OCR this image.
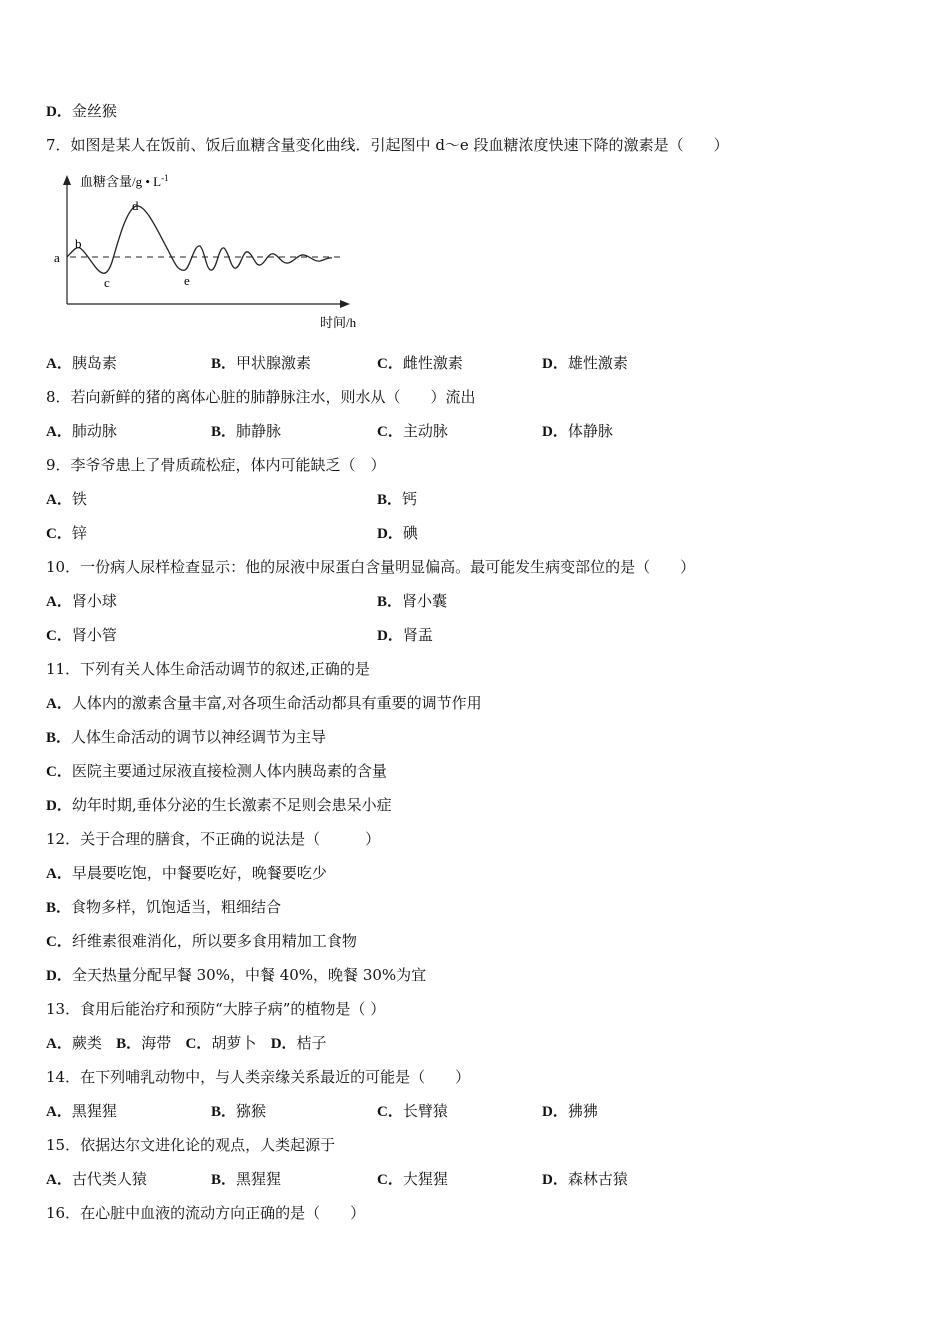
D．金丝猴
7．如图是某人在饭前、饭后血糖含量变化曲线．引起图中 d～e 段血糖浓度快速下降的激素是（　　）
a
b
c
d
e
血糖含量/g • $L^{-1}$
时间/h
A．胰岛素	B．甲状腺激素	C．雌性激素	D．雄性激素
8．若向新鲜的猪的离体心脏的肺静脉注水，则水从（　　）流出
A．肺动脉	B．肺静脉	C．主动脉	D．体静脉
9．李爷爷患上了骨质疏松症，体内可能缺乏（　）
A．铁	B．钙
C．锌	D．碘
10．一份病人尿样检查显示：他的尿液中尿蛋白含量明显偏高。最可能发生病变部位的是（　　）
A．肾小球	B．肾小囊
C．肾小管	D．肾盂
11．下列有关人体生命活动调节的叙述,正确的是
A．人体内的激素含量丰富,对各项生命活动都具有重要的调节作用
B．人体生命活动的调节以神经调节为主导
C．医院主要通过尿液直接检测人体内胰岛素的含量
D．幼年时期,垂体分泌的生长激素不足则会患呆小症
12．关于合理的膳食，不正确的说法是（　　　）
A．早晨要吃饱，中餐要吃好，晚餐要吃少
B．食物多样，饥饱适当，粗细结合
C．纤维素很难消化，所以要多食用精加工食物
D．全天热量分配早餐 30%，中餐 40%，晚餐 30%为宜
13．食用后能治疗和预防“大脖子病”的植物是（ ）
A．蕨类 B．海带 C．胡萝卜 D．桔子
14．在下列哺乳动物中，与人类亲缘关系最近的可能是（　　）
A．黑猩猩	B．猕猴	C．长臂猿	D．狒狒
15．依据达尔文进化论的观点，人类起源于
A．古代类人猿	B．黑猩猩	C．大猩猩	D．森林古猿
16．在心脏中血液的流动方向正确的是（　　）
